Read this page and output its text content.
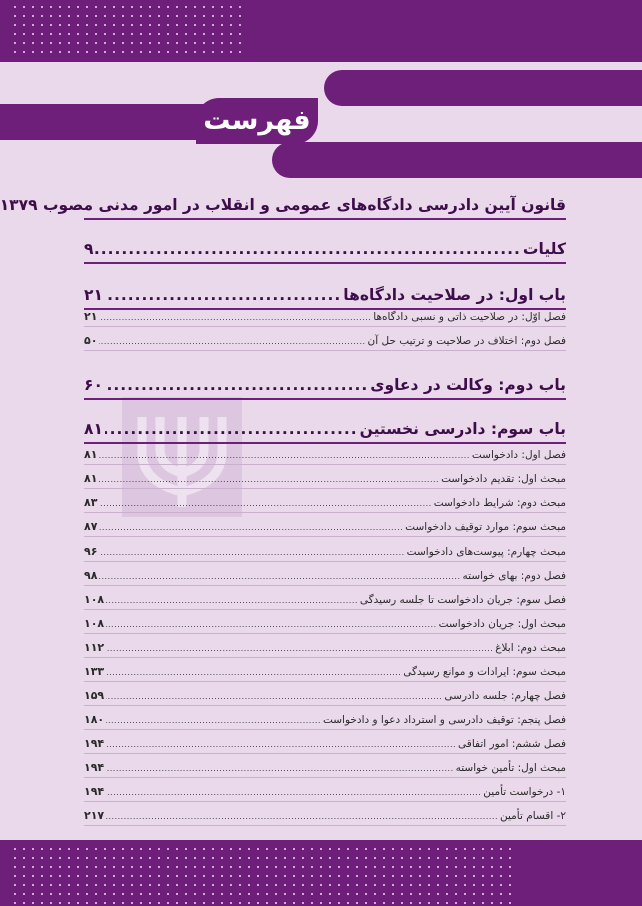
فهرست
قانون آیین دادرسی دادگاه‌های عمومی و انقلاب در امور مدنی مصوب ۱۳۷۹
کلیات
.....
۹
باب اول: در صلاحیت دادگاه‌ها
.....
۲۱
فصل اوّل: در صلاحیت ذاتی و نسبی دادگاه‌ها
.....
۲۱
فصل دوم: اختلاف در صلاحیت و ترتیب حل آن
.....
۵۰
باب دوم: وکالت در دعاوی
.....
۶۰
باب سوم: دادرسی نخستین
.....
۸۱
فصل اول: دادخواست
.....
۸۱
مبحث اول: تقدیم دادخواست
.....
۸۱
مبحث دوم: شرایط دادخواست
.....
۸۳
مبحث سوم: موارد توقیف دادخواست
.....
۸۷
مبحث چهارم: پیوست‌های دادخواست
.....
۹۶
فصل دوم: بهای خواسته
.....
۹۸
فصل سوم: جریان دادخواست تا جلسه رسیدگی
.....
۱۰۸
مبحث اول: جریان دادخواست
.....
۱۰۸
مبحث دوم: ابلاغ
.....
۱۱۲
مبحث سوم: ایرادات و موانع رسیدگی
.....
۱۳۳
فصل چهارم: جلسه دادرسی
.....
۱۵۹
فصل پنجم: توقیف دادرسی و استرداد دعوا و دادخواست
.....
۱۸۰
فصل ششم: امور اتفاقی
.....
۱۹۴
مبحث اول: تأمین خواسته
.....
۱۹۴
۱- درخواست تأمین
.....
۱۹۴
۲- اقسام تأمین
.....
۲۱۷
